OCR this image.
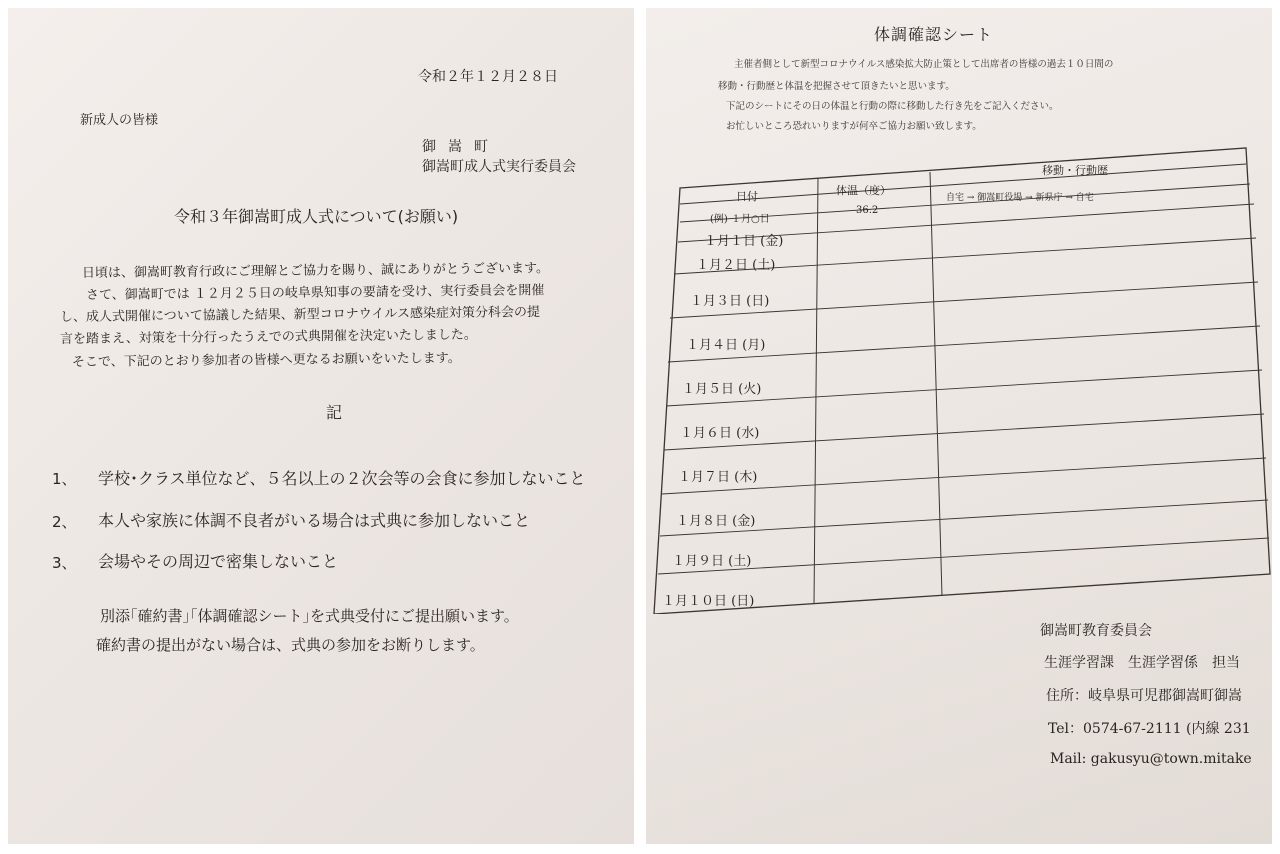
令和２年１２月２８日
新成人の皆様
御嵩町
御嵩町成人式実行委員会
令和３年御嵩町成人式について(お願い)
日頃は、御嵩町教育行政にご理解とご協力を賜り、誠にありがとうございます。
さて、御嵩町では １２月２５日の岐阜県知事の要請を受け、実行委員会を開催
し、成人式開催について協議した結果、新型コロナウイルス感染症対策分科会の提
言を踏まえ、対策を十分行ったうえでの式典開催を決定いたしました。
そこで、下記のとおり参加者の皆様へ更なるお願いをいたします。
記
1、 学校･クラス単位など、５名以上の２次会等の会食に参加しないこと
2、 本人や家族に体調不良者がいる場合は式典に参加しないこと
3、 会場やその周辺で密集しないこと
別添｢確約書｣｢体調確認シート｣を式典受付にご提出願います。
確約書の提出がない場合は、式典の参加をお断りします。
体調確認シート
主催者側として新型コロナウイルス感染拡大防止策として出席者の皆様の過去１０日間の
移動・行動歴と体温を把握させて頂きたいと思います。
下記のシートにその日の体温と行動の際に移動した行き先をご記入ください。
お忙しいところ恐れいりますが何卒ご協力お願い致します。
日付	体温（度）
移動・行動歴
(例) １月○日
36.2
自宅 → 御嵩町役場 → 新県庁 → 自宅
１月１日 (金)
１月２日 (土)
１月３日 (日)
１月４日 (月)
１月５日 (火)
１月６日 (水)
１月７日 (木)
１月８日 (金)
１月９日 (土)
１月１０日 (日)
御嵩町教育委員会
生涯学習課　生涯学習係　担当
住所：岐阜県可児郡御嵩町御嵩
Tel：0574-67-2111 (内線 231
Mail: gakusyu@town.mitake
